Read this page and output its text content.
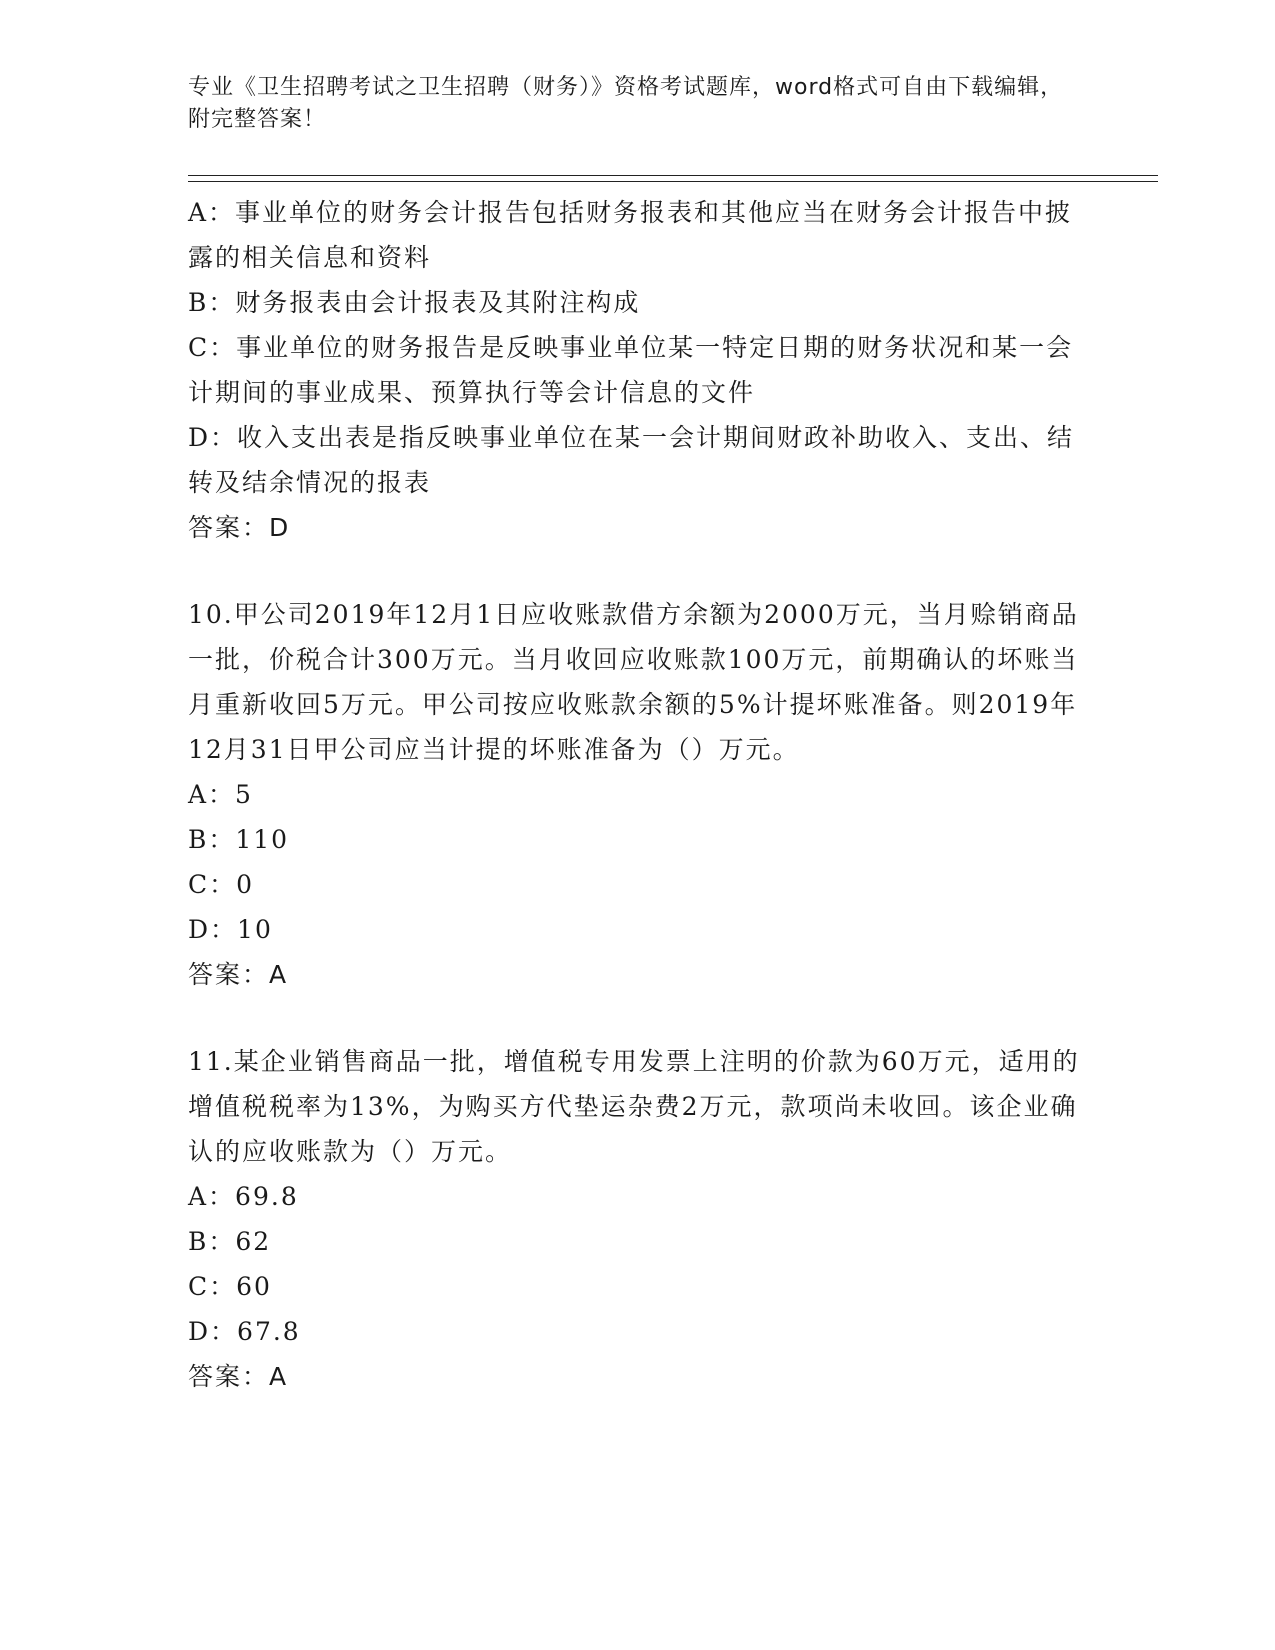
专业《卫生招聘考试之卫生招聘（财务）》资格考试题库，word格式可自由下载编辑，附完整答案！

A：事业单位的财务会计报告包括财务报表和其他应当在财务会计报告中披露的相关信息和资料

B：财务报表由会计报表及其附注构成

C：事业单位的财务报告是反映事业单位某一特定日期的财务状况和某一会计期间的事业成果、预算执行等会计信息的文件

D：收入支出表是指反映事业单位在某一会计期间财政补助收入、支出、结转及结余情况的报表

答案：D

10.甲公司2019年12月1日应收账款借方余额为2000万元，当月赊销商品一批，价税合计300万元。当月收回应收账款100万元，前期确认的坏账当月重新收回5万元。甲公司按应收账款余额的5%计提坏账准备。则2019年12月31日甲公司应当计提的坏账准备为（）万元。

A：5

B：110

C：0

D：10

答案：A

11.某企业销售商品一批，增值税专用发票上注明的价款为60万元，适用的增值税税率为13%，为购买方代垫运杂费2万元，款项尚未收回。该企业确认的应收账款为（）万元。

A：69.8

B：62

C：60

D：67.8

答案：A
